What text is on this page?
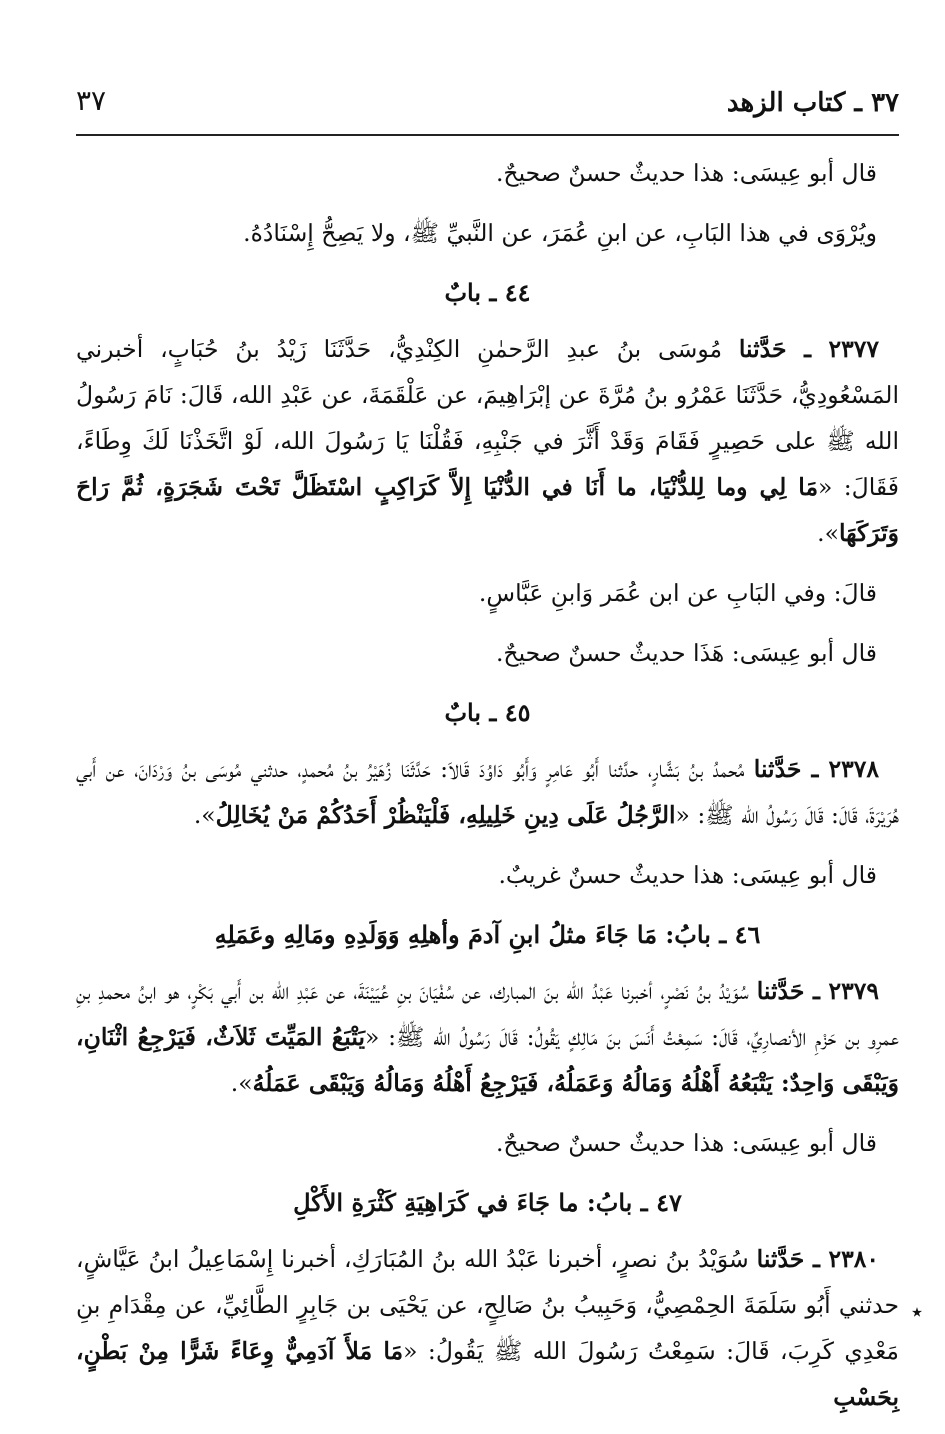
٣٧ ـ كتاب الزهد
٣٧

قال أبو عِيسَى: هذا حديثٌ حسنٌ صحيحٌ.

ويُرْوَى في هذا البَابِ، عن ابنِ عُمَرَ، عن النَّبيِّ ﷺ، ولا يَصِحُّ إِسْنَادُهُ.

٤٤ ـ بابٌ

٢٣٧٧ ـ حَدَّثنا مُوسَى بنُ عبدِ الرَّحمٰنِ الكِنْدِيُّ، حَدَّثَنَا زَيْدُ بنُ حُبَابٍ، أخبرني المَسْعُودِيُّ، حَدَّثَنَا عَمْرُو بنُ مُرَّةَ عن إبْرَاهِيمَ، عن عَلْقَمَةَ، عن عَبْدِ الله، قَالَ: نَامَ رَسُولُ الله ﷺ على حَصِيرٍ فَقَامَ وَقَدْ أَثَّرَ في جَنْبِهِ، فَقُلْنَا يَا رَسُولَ الله، لَوْ اتَّخَذْنَا لَكَ وِطَاءً، فَقَالَ: «مَا لِي وما لِلدُّنْيَا، ما أَنَا في الدُّنْيَا إِلاَّ كَرَاكِبٍ اسْتَظَلَّ تَحْتَ شَجَرَةٍ، ثُمَّ رَاحَ وَتَرَكَهَا».

قالَ: وفي البَابِ عن ابن عُمَر وَابنِ عَبَّاسٍ.

قال أبو عِيسَى: هَذَا حديثٌ حسنٌ صحيحٌ.

٤٥ ـ بابٌ

٢٣٧٨ ـ حَدَّثنا مُحمدُ بنُ بَشَّارٍ، حدَّثنا أَبُو عَامِرٍ وَأَبُو دَاوُدَ قَالاَ: حَدَّثَنَا زُهَيْرُ بنُ مُحمدٍ، حدثني مُوسَى بنُ وَرْدَانَ، عن أَبي هُرَيْرَةَ، قَالَ: قَالَ رَسُولُ الله ﷺ: «الرَّجُلُ عَلَى دِينِ خَلِيلِهِ، فَلْيَنْظُرْ أَحَدُكُمْ مَنْ يُخَالِلُ».

قال أبو عِيسَى: هذا حديثٌ حسنٌ غريبٌ.

٤٦ ـ بابُ: مَا جَاءَ مثلُ ابنِ آدمَ وأهلِهِ وَوَلَدِهِ ومَالِهِ وعَمَلِهِ

٢٣٧٩ ـ حَدَّثنا سُوَيْدُ بنُ نَصْرٍ، أخبرنا عَبْدُ الله بنَ المبارك، عن سُفْيَانَ بنِ عُيَيْنَةَ، عن عَبْدِ الله بن أَبي بَكْرٍ، هو ابنُ محمدِ بنِ عمرِو بن حَزْمِ الأنصارِيِّ، قَالَ: سَمِعْتُ أَنَسَ بنَ مَالِكٍ يَقُولُ: قَالَ رَسُولُ الله ﷺ: «يَتْبَعُ المَيِّتَ ثَلاَثٌ، فَيَرْجِعُ اثْنَانِ، وَيَبْقَى وَاحِدٌ: يَتْبَعُهُ أَهْلُهُ وَمَالُهُ وَعَمَلُهُ، فَيَرْجِعُ أَهْلُهُ وَمَالُهُ وَيَبْقَى عَمَلُهُ».

قال أبو عِيسَى: هذا حديثٌ حسنٌ صحيحٌ.

٤٧ ـ بابُ: ما جَاءَ في كَرَاهِيَةِ كَثْرَةِ الأَكْلِ

٢٣٨٠ ـ حَدَّثنا سُوَيْدُ بنُ نصرٍ، أخبرنا عَبْدُ الله بنُ المُبَارَكِ، أخبرنا إِسْمَاعِيلُ ابنُ عَيَّاشٍ، حدثني أَبُو سَلَمَةَ الحِمْصِيُّ، وَحَبِيبُ بنُ صَالِحٍ، عن يَحْيَى بن جَابِرٍ الطَّائِيِّ، عن مِقْدَامِ بنِ مَعْدِي كَرِبَ، قَالَ: سَمِعْتُ رَسُولَ الله ﷺ يَقُولُ: «مَا مَلأَ آدَمِيٌّ وِعَاءً شَرًّا مِنْ بَطْنٍ، بِحَسْبِ

٭
